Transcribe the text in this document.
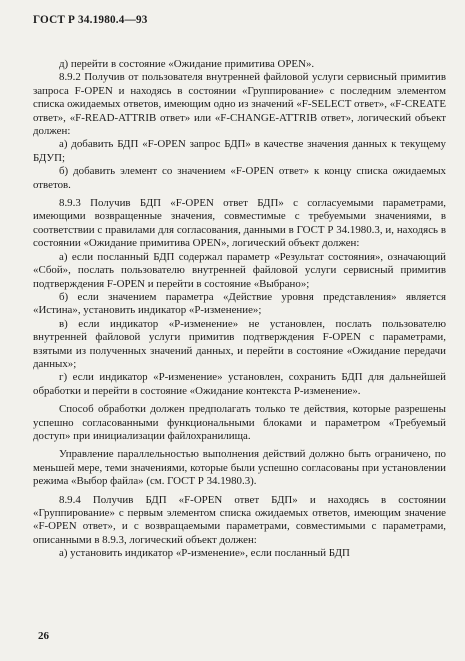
ГОСТ Р 34.1980.4—93

д) перейти в состояние «Ожидание примитива OPEN».

8.9.2 Получив от пользователя внутренней файловой услуги сервисный примитив запроса F-OPEN и находясь в состоянии «Группирование» с последним элементом списка ожидаемых ответов, имеющим одно из значений «F-SELECT ответ», «F-CREATE ответ», «F-READ-ATTRIB ответ» или «F-CHANGE-ATTRIB ответ», логический объект должен:

а) добавить БДП «F-OPEN запрос БДП» в качестве значения данных к текущему БДУП;

б) добавить элемент со значением «F-OPEN ответ» к концу списка ожидаемых ответов.

8.9.3 Получив БДП «F-OPEN ответ БДП» с согласуемыми параметрами, имеющими возвращенные значения, совместимые с требуемыми значениями, в соответствии с правилами для согласования, данными в ГОСТ Р 34.1980.3, и, находясь в состоянии «Ожидание примитива OPEN», логический объект должен:

а) если посланный БДП содержал параметр «Результат состояния», означающий «Сбой», послать пользователю внутренней файловой услуги сервисный примитив подтверждения F-OPEN и перейти в состояние «Выбрано»;

б) если значением параметра «Действие уровня представления» является «Истина», установить индикатор «Р-изменение»;

в) если индикатор «Р-изменение» не установлен, послать пользователю внутренней файловой услуги примитив подтверждения F-OPEN с параметрами, взятыми из полученных значений данных, и перейти в состояние «Ожидание передачи данных»;

г) если индикатор «Р-изменение» установлен, сохранить БДП для дальнейшей обработки и перейти в состояние «Ожидание контекста Р-изменение».

Способ обработки должен предполагать только те действия, которые разрешены успешно согласованными функциональными блоками и параметром «Требуемый доступ» при инициализации файлохранилища.

Управление параллельностью выполнения действий должно быть ограничено, по меньшей мере, теми значениями, которые были успешно согласованы при установлении режима «Выбор файла» (см. ГОСТ Р 34.1980.3).

8.9.4 Получив БДП «F-OPEN ответ БДП» и находясь в состоянии «Группирование» с первым элементом списка ожидаемых ответов, имеющим значение «F-OPEN ответ», и с возвращаемыми параметрами, совместимыми с параметрами, описанными в 8.9.3, логический объект должен:

а) установить индикатор «Р-изменение», если посланный БДП

26
